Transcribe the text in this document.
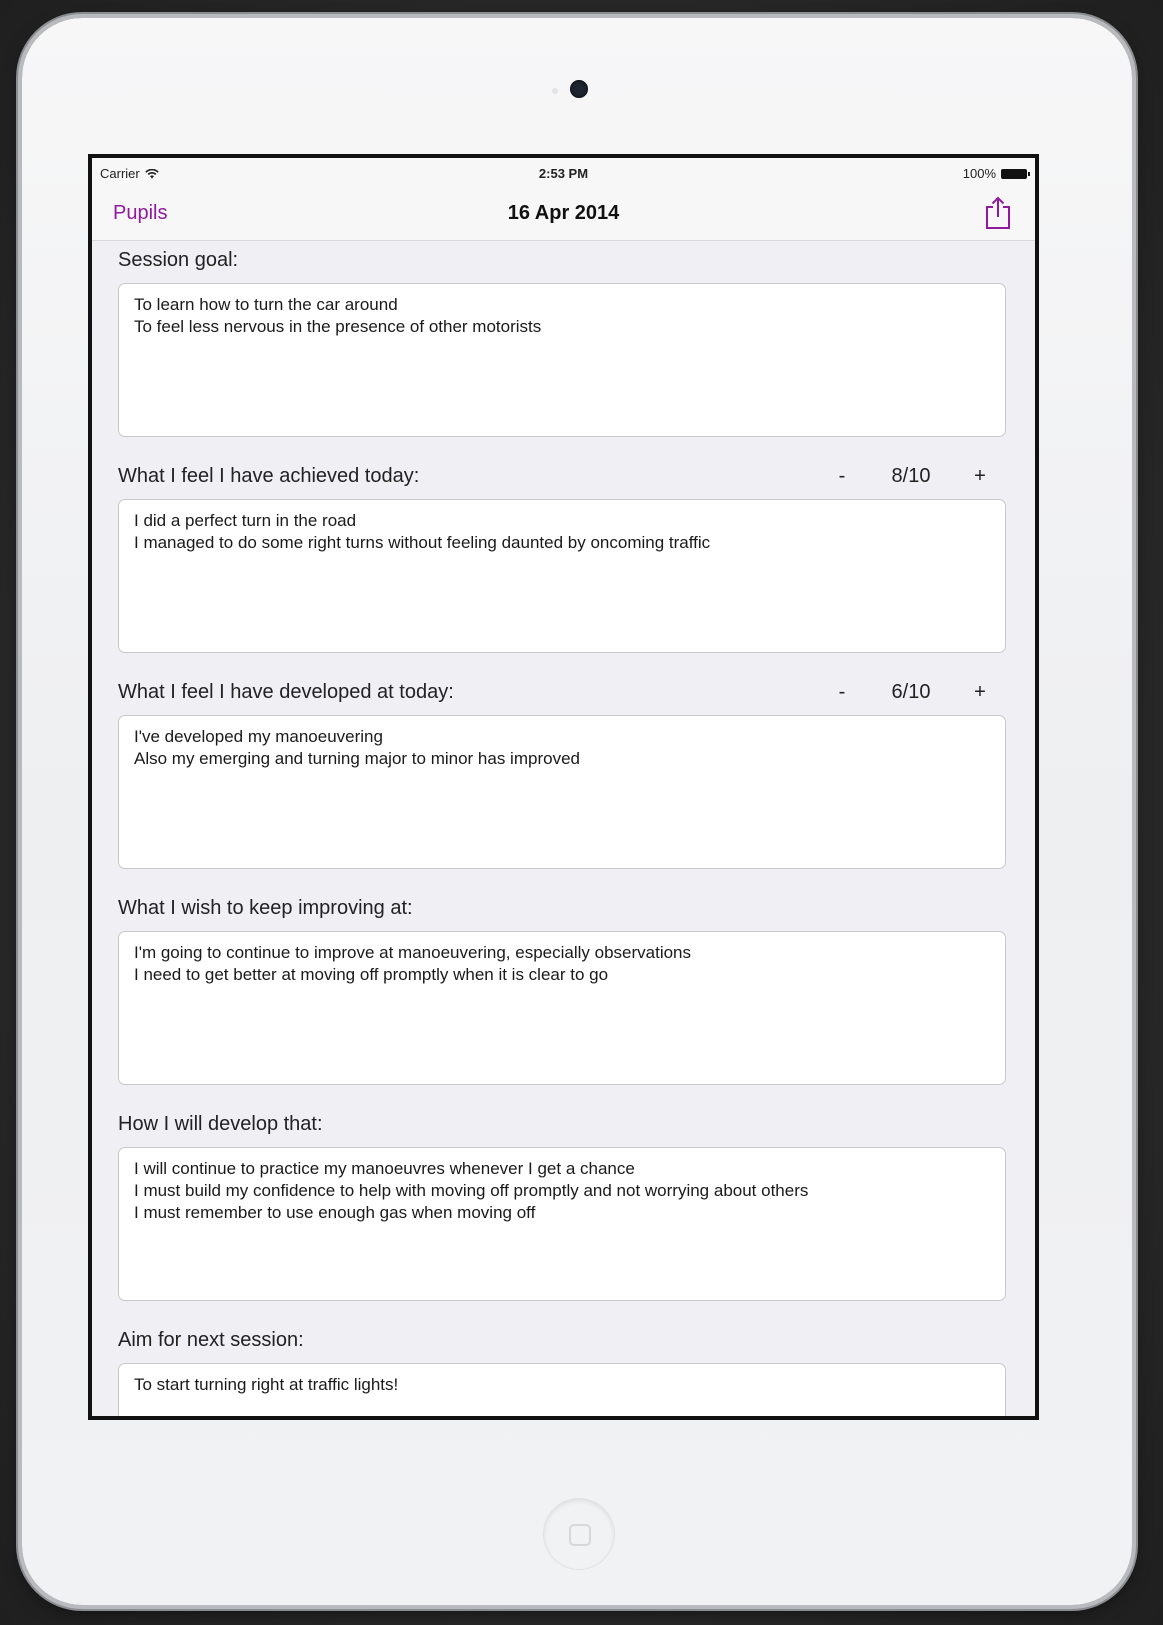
Carrier	2:53 PM	100%
Pupils	16 Apr 2014
Session goal:
To learn how to turn the car around
To feel less nervous in the presence of other motorists
What I feel I have achieved today:	-	8/10	+
I did a perfect turn in the road
I managed to do some right turns without feeling daunted by oncoming traffic
What I feel I have developed at today:	-	6/10	+
I've developed my manoeuvering
Also my emerging and turning major to minor has improved
What I wish to keep improving at:
I'm going to continue to improve at manoeuvering, especially observations
I need to get better at moving off promptly when it is clear to go
How I will develop that:
I will continue to practice my manoeuvres whenever I get a chance
I must build my confidence to help with moving off promptly and not worrying about others
I must remember to use enough gas when moving off
Aim for next session:
To start turning right at traffic lights!
